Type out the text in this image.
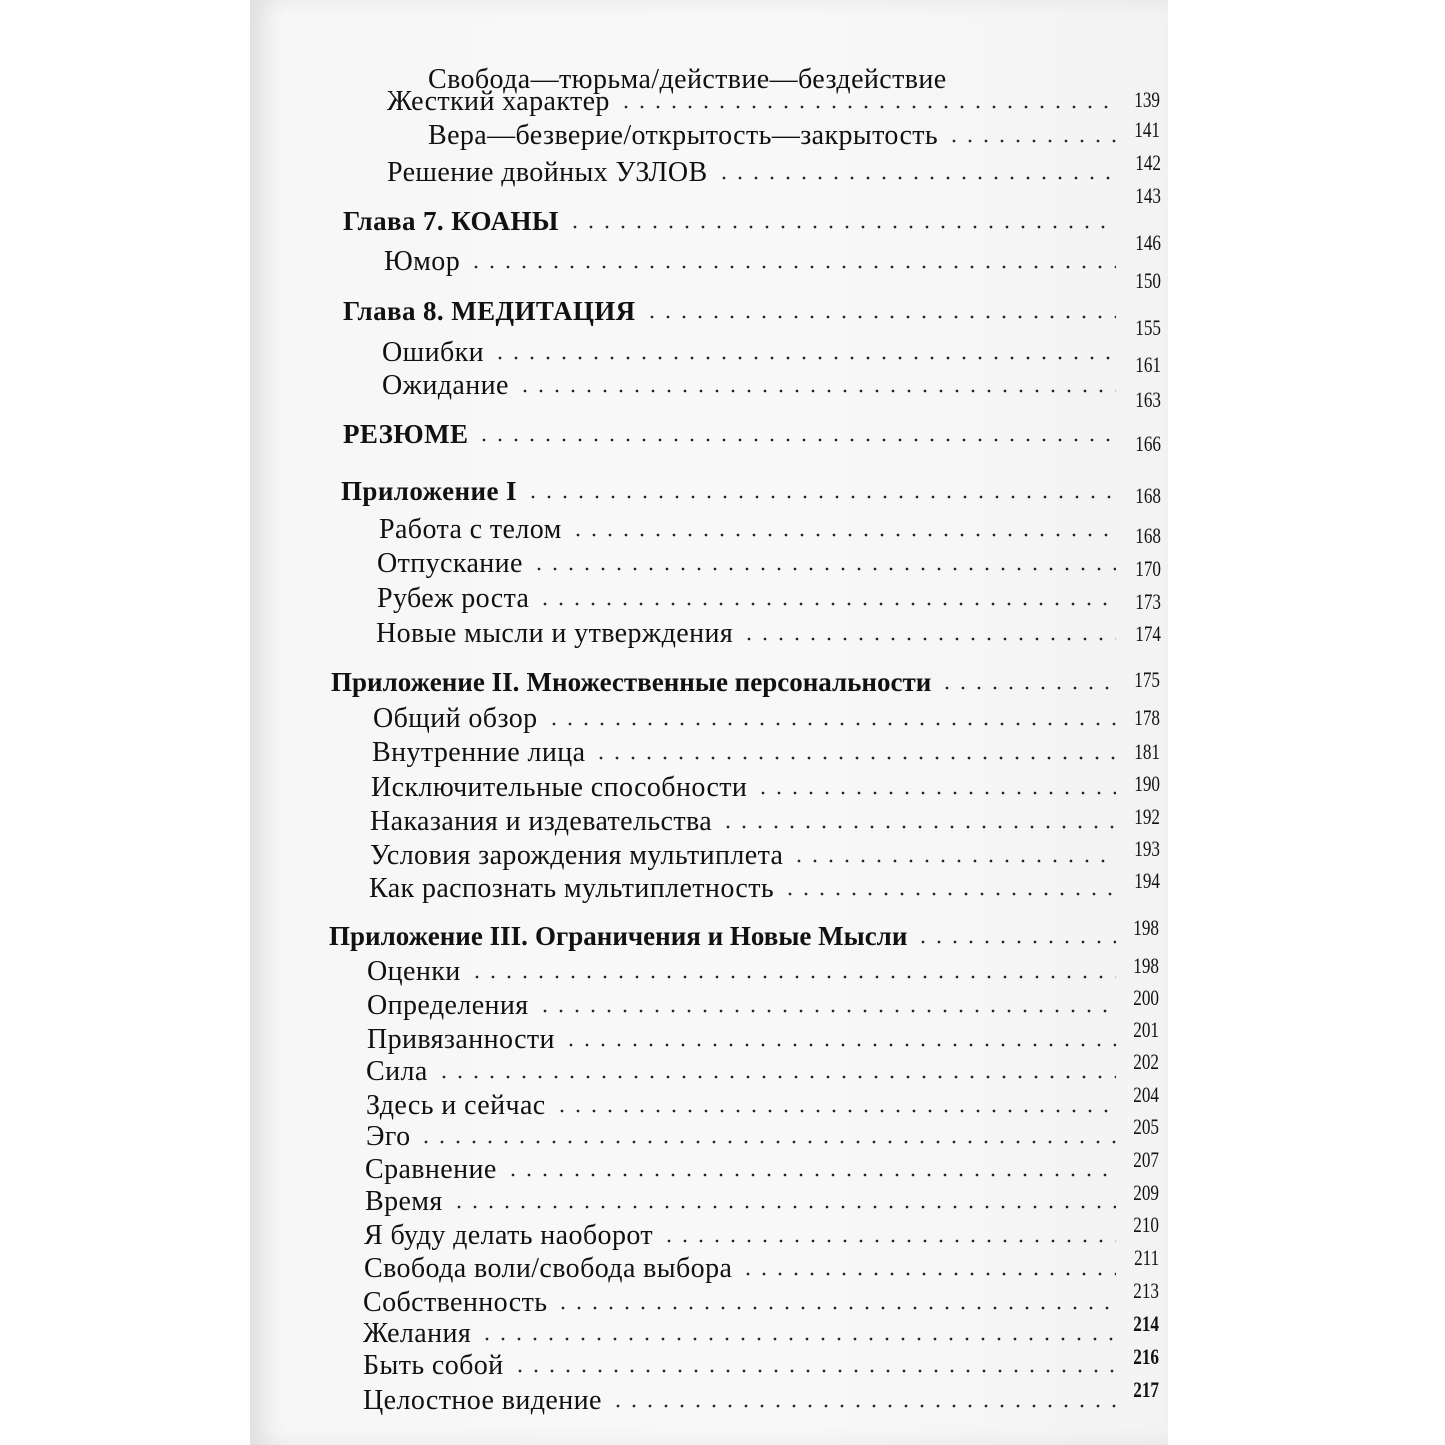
Свобода—тюрьма/действие—бездействие
Жесткий характер
Вера—безверие/открытость—закрытость
Решение двойных УЗЛОВ
Глава 7. КОАНЫ
Юмор
Глава 8. МЕДИТАЦИЯ
Ошибки
Ожидание
РЕЗЮМЕ
Приложение I
Работа с телом
Отпускание
Рубеж роста
Новые мысли и утверждения
Приложение II. Множественные персональности
Общий обзор
Внутренние лица
Исключительные способности
Наказания и издевательства
Условия зарождения мультиплета
Как распознать мультиплетность
Приложение III. Ограничения и Новые Мысли
Оценки
Определения
Привязанности
Сила
Здесь и сейчас
Эго
Сравнение
Время
Я буду делать наоборот
Свобода воли/свобода выбора
Собственность
Желания
Быть собой
Целостное видение
139
141
142
143
146
150
155
161
163
166
168
168
170
173
174
175
178
181
190
192
193
194
198
198
200
201
202
204
205
207
209
210
211
213
214
216
217
